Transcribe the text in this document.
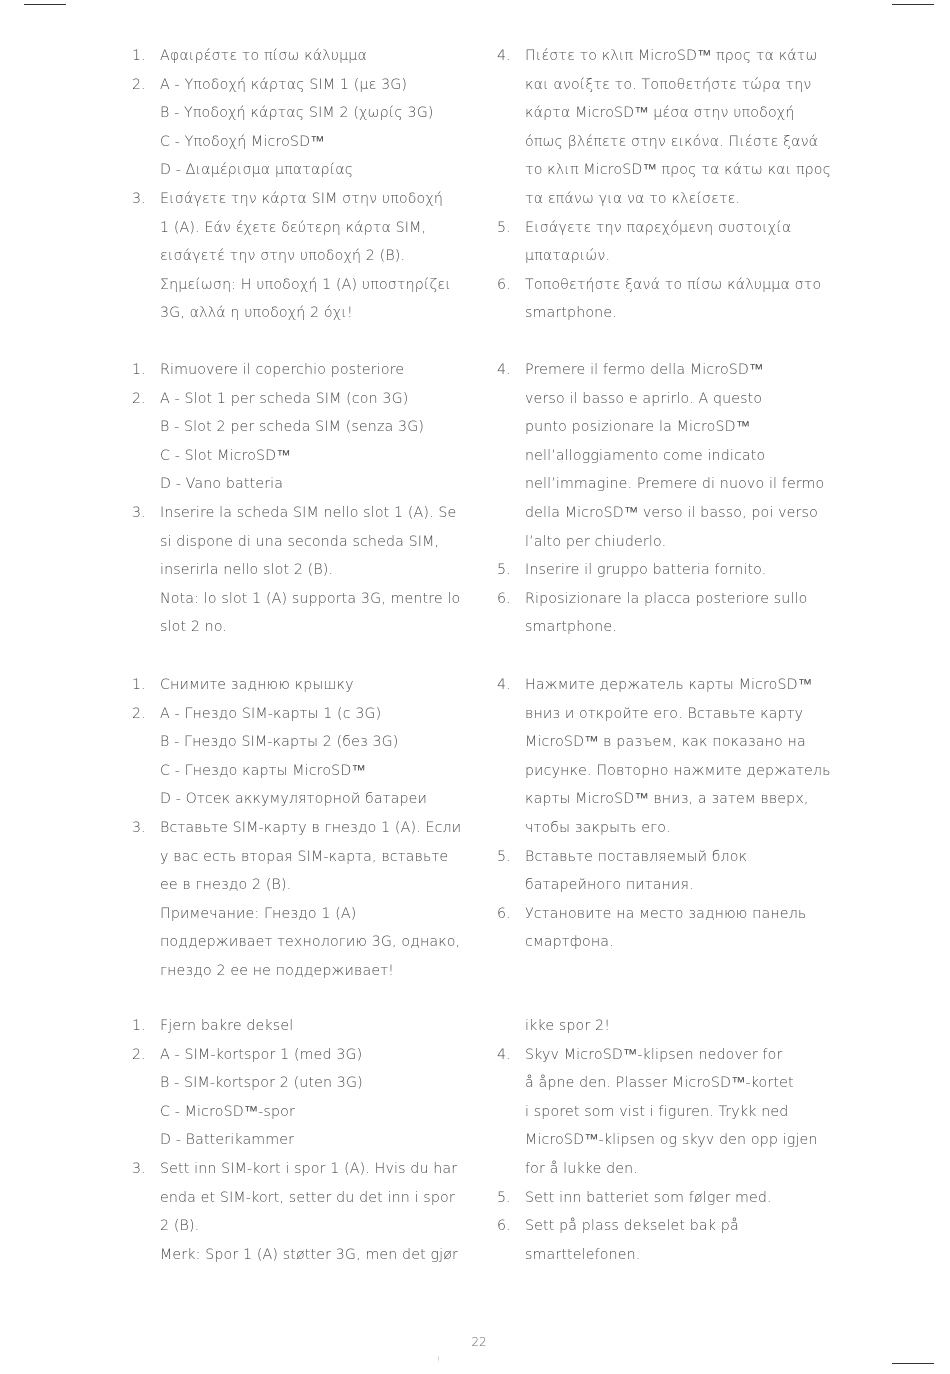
1. Αφαιρέστε το πίσω κάλυμμα
2. A - Υποδοχή κάρτας SIM 1 (με 3G)
B - Υποδοχή κάρτας SIM 2 (χωρίς 3G)
C - Υποδοχή MicroSD™
D - Διαμέρισμα μπαταρίας
3. Εισάγετε την κάρτα SIM στην υποδοχή
1 (A). Εάν έχετε δεύτερη κάρτα SIM,
εισάγετέ την στην υποδοχή 2 (B).
Σημείωση: Η υποδοχή 1 (A) υποστηρίζει
3G, αλλά η υποδοχή 2 όχι!
4. Πιέστε το κλιπ MicroSD™ προς τα κάτω
και ανοίξτε το. Τοποθετήστε τώρα την
κάρτα MicroSD™ μέσα στην υποδοχή
όπως βλέπετε στην εικόνα. Πιέστε ξανά
το κλιπ MicroSD™ προς τα κάτω και προς
τα επάνω για να το κλείσετε.
5. Εισάγετε την παρεχόμενη συστοιχία
μπαταριών.
6. Τοποθετήστε ξανά το πίσω κάλυμμα στο
smartphone.
1. Rimuovere il coperchio posteriore
2. A - Slot 1 per scheda SIM (con 3G)
B - Slot 2 per scheda SIM (senza 3G)
C - Slot MicroSD™
D - Vano batteria
3. Inserire la scheda SIM nello slot 1 (A). Se
si dispone di una seconda scheda SIM,
inserirla nello slot 2 (B).
Nota: lo slot 1 (A) supporta 3G, mentre lo
slot 2 no.
4. Premere il fermo della MicroSD™
verso il basso e aprirlo. A questo
punto posizionare la MicroSD™
nell’alloggiamento come indicato
nell’immagine. Premere di nuovo il fermo
della MicroSD™ verso il basso, poi verso
l’alto per chiuderlo.
5. Inserire il gruppo batteria fornito.
6. Riposizionare la placca posteriore sullo
smartphone.
1. Снимите заднюю крышку
2. A - Гнездо SIM-карты 1 (с 3G)
B - Гнездо SIM-карты 2 (без 3G)
C - Гнездо карты MicroSD™
D - Отсек аккумуляторной батареи
3. Вставьте SIM-карту в гнездо 1 (A). Если
у вас есть вторая SIM-карта, вставьте
ее в гнездо 2 (B).
Примечание: Гнездо 1 (A)
поддерживает технологию 3G, однако,
гнездо 2 ее не поддерживает!
4. Нажмите держатель карты MicroSD™
вниз и откройте его. Вставьте карту
MicroSD™ в разъем, как показано на
рисунке. Повторно нажмите держатель
карты MicroSD™ вниз, а затем вверх,
чтобы закрыть его.
5. Вставьте поставляемый блок
батарейного питания.
6. Установите на место заднюю панель
смартфона.
1. Fjern bakre deksel
2. A - SIM-kortspor 1 (med 3G)
B - SIM-kortspor 2 (uten 3G)
C - MicroSD™-spor
D - Batterikammer
3. Sett inn SIM-kort i spor 1 (A). Hvis du har
enda et SIM-kort, setter du det inn i spor
2 (B).
Merk: Spor 1 (A) støtter 3G, men det gjør
ikke spor 2!
4. Skyv MicroSD™-klipsen nedover for
å åpne den. Plasser MicroSD™-kortet
i sporet som vist i figuren. Trykk ned
MicroSD™-klipsen og skyv den opp igjen
for å lukke den.
5. Sett inn batteriet som følger med.
6. Sett på plass dekselet bak på
smarttelefonen.
22
!
